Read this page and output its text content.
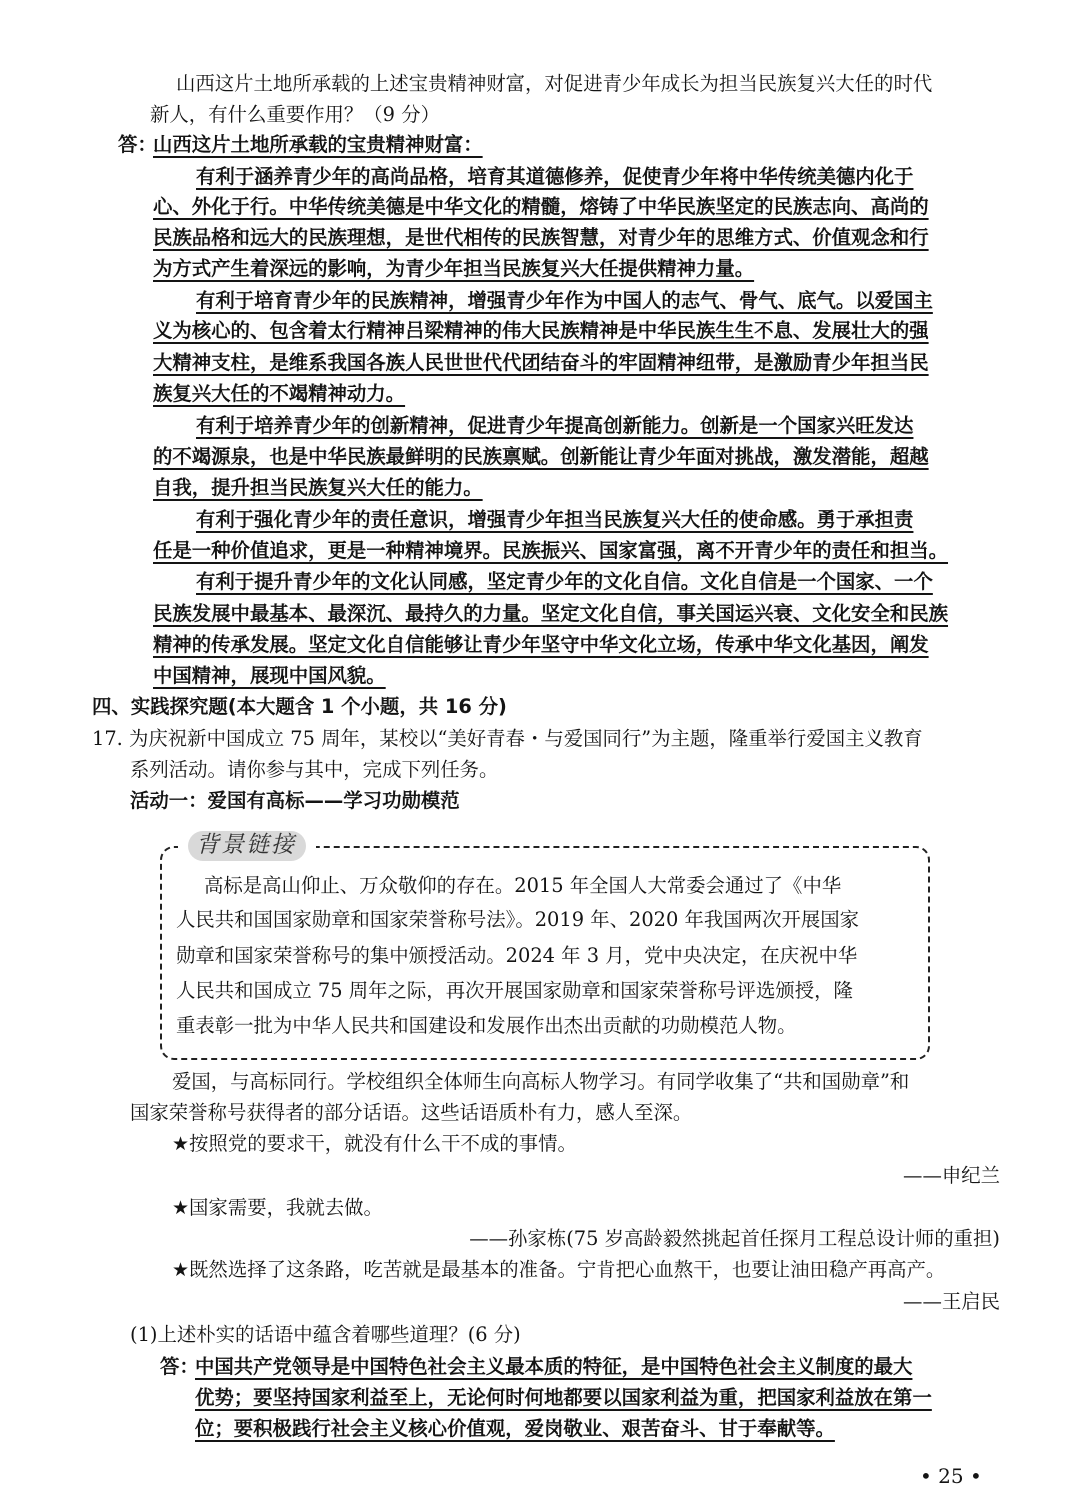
山西这片土地所承载的上述宝贵精神财富，对促进青少年成长为担当民族复兴大任的时代
新人，有什么重要作用？（9 分）
答：
山西这片土地所承载的宝贵精神财富：
有利于涵养青少年的高尚品格，培育其道德修养，促使青少年将中华传统美德内化于
心、外化于行。中华传统美德是中华文化的精髓，熔铸了中华民族坚定的民族志向、高尚的
民族品格和远大的民族理想，是世代相传的民族智慧，对青少年的思维方式、价值观念和行
为方式产生着深远的影响，为青少年担当民族复兴大任提供精神力量。
有利于培育青少年的民族精神，增强青少年作为中国人的志气、骨气、底气。以爱国主
义为核心的、包含着太行精神吕梁精神的伟大民族精神是中华民族生生不息、发展壮大的强
大精神支柱，是维系我国各族人民世世代代团结奋斗的牢固精神纽带，是激励青少年担当民
族复兴大任的不竭精神动力。
有利于培养青少年的创新精神，促进青少年提高创新能力。创新是一个国家兴旺发达
的不竭源泉，也是中华民族最鲜明的民族禀赋。创新能让青少年面对挑战，激发潜能，超越
自我，提升担当民族复兴大任的能力。
有利于强化青少年的责任意识，增强青少年担当民族复兴大任的使命感。勇于承担责
任是一种价值追求，更是一种精神境界。民族振兴、国家富强，离不开青少年的责任和担当。
有利于提升青少年的文化认同感，坚定青少年的文化自信。文化自信是一个国家、一个
民族发展中最基本、最深沉、最持久的力量。坚定文化自信，事关国运兴衰、文化安全和民族
精神的传承发展。坚定文化自信能够让青少年坚守中华文化立场，传承中华文化基因，阐发
中国精神，展现中国风貌。
四、实践探究题(本大题含 1 个小题，共 16 分)
17. 为庆祝新中国成立 75 周年，某校以“美好青春・与爱国同行”为主题，隆重举行爱国主义教育
系列活动。请你参与其中，完成下列任务。
活动一：爱国有高标——学习功勋模范
背景链接
高标是高山仰止、万众敬仰的存在。2015 年全国人大常委会通过了《中华
人民共和国国家勋章和国家荣誉称号法》。2019 年、2020 年我国两次开展国家
勋章和国家荣誉称号的集中颁授活动。2024 年 3 月，党中央决定，在庆祝中华
人民共和国成立 75 周年之际，再次开展国家勋章和国家荣誉称号评选颁授，隆
重表彰一批为中华人民共和国建设和发展作出杰出贡献的功勋模范人物。
爱国，与高标同行。学校组织全体师生向高标人物学习。有同学收集了“共和国勋章”和
国家荣誉称号获得者的部分话语。这些话语质朴有力，感人至深。
★按照党的要求干，就没有什么干不成的事情。
——申纪兰
★国家需要，我就去做。
——孙家栋(75 岁高龄毅然挑起首任探月工程总设计师的重担)
★既然选择了这条路，吃苦就是最基本的准备。宁肯把心血熬干，也要让油田稳产再高产。
——王启民
(1)上述朴实的话语中蕴含着哪些道理？(6 分)
答：
中国共产党领导是中国特色社会主义最本质的特征，是中国特色社会主义制度的最大
优势；要坚持国家利益至上，无论何时何地都要以国家利益为重，把国家利益放在第一
位；要积极践行社会主义核心价值观，爱岗敬业、艰苦奋斗、甘于奉献等。
• 25 •
